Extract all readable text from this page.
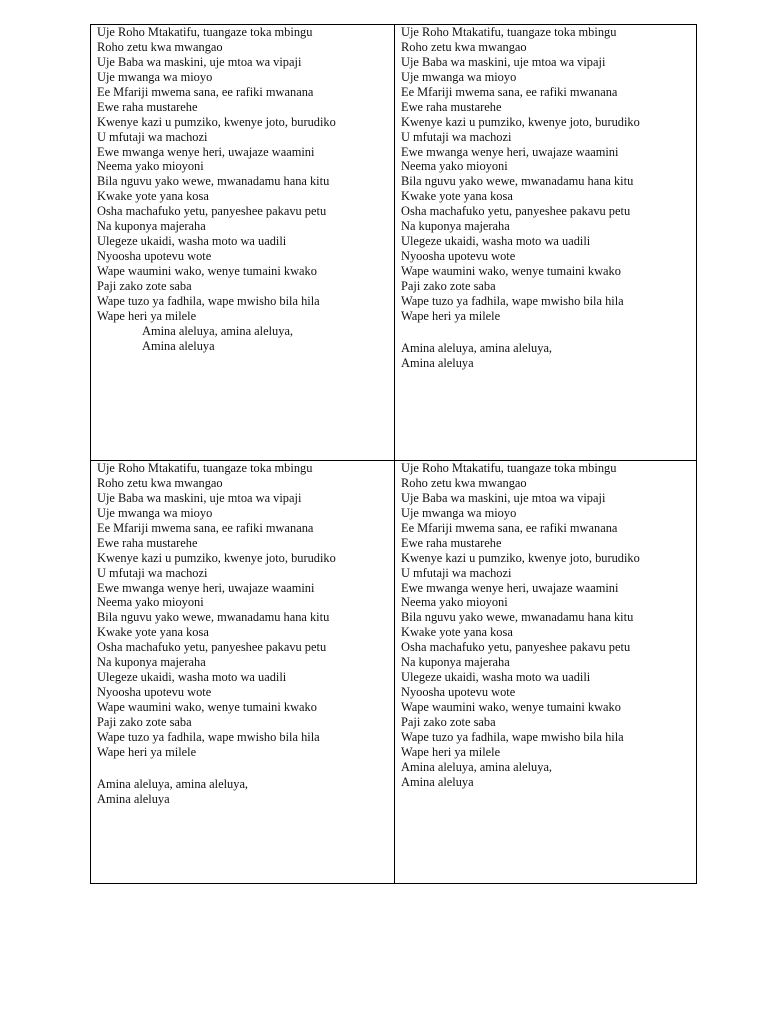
Uje Roho Mtakatifu, tuangaze toka mbingu
Roho zetu kwa mwangao
Uje Baba wa maskini, uje mtoa wa vipaji
Uje mwanga wa mioyo
Ee Mfariji mwema sana, ee rafiki mwanana
Ewe raha mustarehe
Kwenye kazi u pumziko, kwenye joto, burudiko
U mfutaji wa machozi
Ewe mwanga wenye heri, uwajaze waamini
Neema yako mioyoni
Bila nguvu yako wewe, mwanadamu hana kitu
Kwake yote yana kosa
Osha machafuko yetu, panyeshee pakavu petu
Na kuponya majeraha
Ulegeze ukaidi, washa moto wa uadili
Nyoosha upotevu wote
Wape waumini wako, wenye tumaini kwako
Paji zako zote saba
Wape tuzo ya fadhila, wape mwisho bila hila
Wape heri ya milele
Amina aleluya, amina aleluya,
Amina aleluya
Uje Roho Mtakatifu, tuangaze toka mbingu
Roho zetu kwa mwangao
Uje Baba wa maskini, uje mtoa wa vipaji
Uje mwanga wa mioyo
Ee Mfariji mwema sana, ee rafiki mwanana
Ewe raha mustarehe
Kwenye kazi u pumziko, kwenye joto, burudiko
U mfutaji wa machozi
Ewe mwanga wenye heri, uwajaze waamini
Neema yako mioyoni
Bila nguvu yako wewe, mwanadamu hana kitu
Kwake yote yana kosa
Osha machafuko yetu, panyeshee pakavu petu
Na kuponya majeraha
Ulegeze ukaidi, washa moto wa uadili
Nyoosha upotevu wote
Wape waumini wako, wenye tumaini kwako
Paji zako zote saba
Wape tuzo ya fadhila, wape mwisho bila hila
Wape heri ya milele
Amina aleluya, amina aleluya,
Amina aleluya
Uje Roho Mtakatifu, tuangaze toka mbingu
Roho zetu kwa mwangao
Uje Baba wa maskini, uje mtoa wa vipaji
Uje mwanga wa mioyo
Ee Mfariji mwema sana, ee rafiki mwanana
Ewe raha mustarehe
Kwenye kazi u pumziko, kwenye joto, burudiko
U mfutaji wa machozi
Ewe mwanga wenye heri, uwajaze waamini
Neema yako mioyoni
Bila nguvu yako wewe, mwanadamu hana kitu
Kwake yote yana kosa
Osha machafuko yetu, panyeshee pakavu petu
Na kuponya majeraha
Ulegeze ukaidi, washa moto wa uadili
Nyoosha upotevu wote
Wape waumini wako, wenye tumaini kwako
Paji zako zote saba
Wape tuzo ya fadhila, wape mwisho bila hila
Wape heri ya milele
Amina aleluya, amina aleluya,
Amina aleluya
Uje Roho Mtakatifu, tuangaze toka mbingu
Roho zetu kwa mwangao
Uje Baba wa maskini, uje mtoa wa vipaji
Uje mwanga wa mioyo
Ee Mfariji mwema sana, ee rafiki mwanana
Ewe raha mustarehe
Kwenye kazi u pumziko, kwenye joto, burudiko
U mfutaji wa machozi
Ewe mwanga wenye heri, uwajaze waamini
Neema yako mioyoni
Bila nguvu yako wewe, mwanadamu hana kitu
Kwake yote yana kosa
Osha machafuko yetu, panyeshee pakavu petu
Na kuponya majeraha
Ulegeze ukaidi, washa moto wa uadili
Nyoosha upotevu wote
Wape waumini wako, wenye tumaini kwako
Paji zako zote saba
Wape tuzo ya fadhila, wape mwisho bila hila
Wape heri ya milele
Amina aleluya, amina aleluya,
Amina aleluya
